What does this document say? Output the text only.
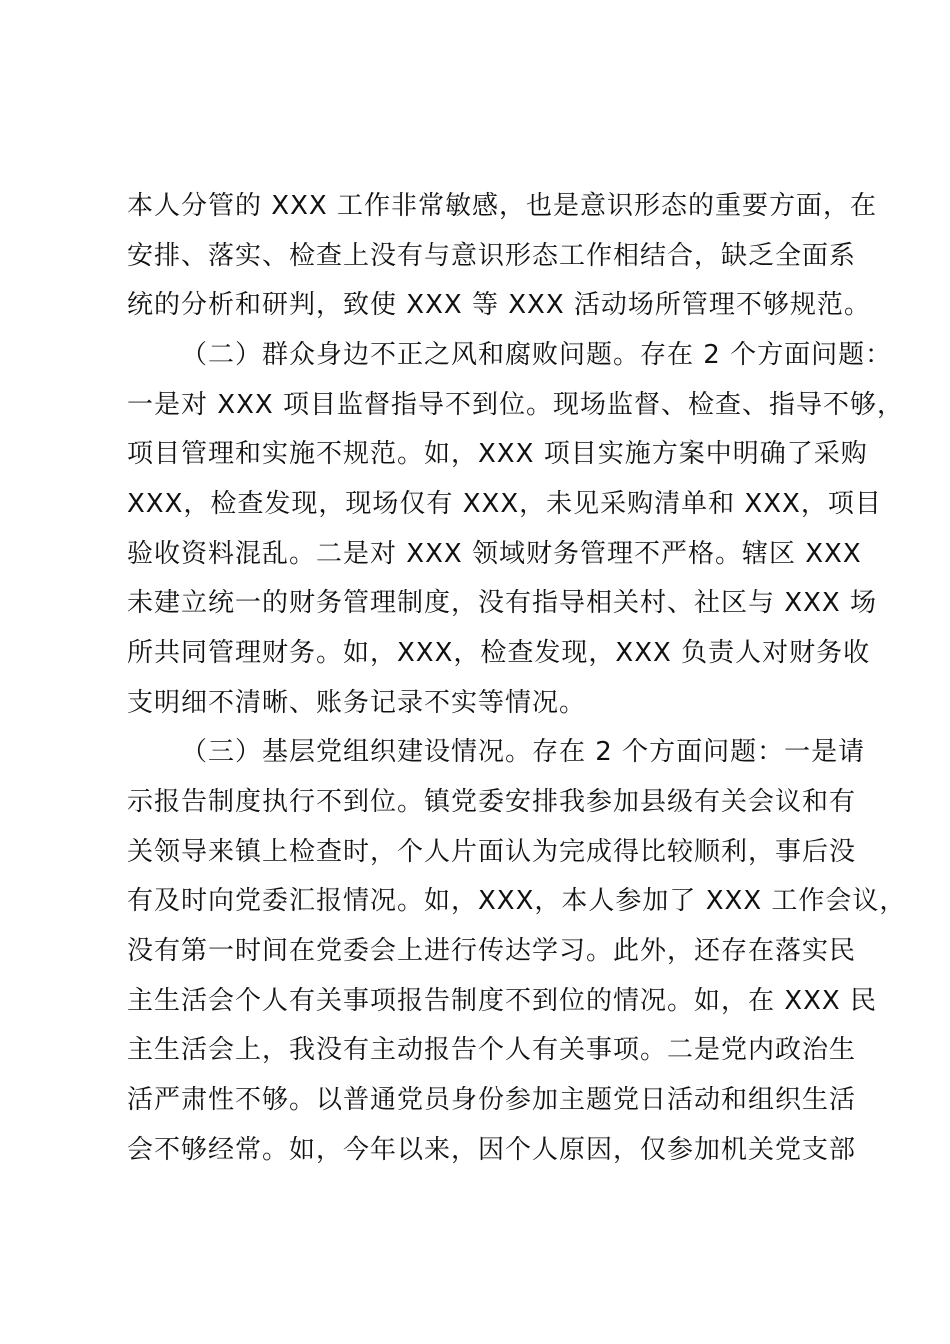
本人分管的 XXX 工作非常敏感，也是意识形态的重要方面，在
安排、落实、检查上没有与意识形态工作相结合，缺乏全面系
统的分析和研判，致使 XXX 等 XXX 活动场所管理不够规范。
（二）群众身边不正之风和腐败问题。存在 2 个方面问题：
一是对 XXX 项目监督指导不到位。现场监督、检查、指导不够，
项目管理和实施不规范。如，XXX 项目实施方案中明确了采购
XXX，检查发现，现场仅有 XXX，未见采购清单和 XXX，项目
验收资料混乱。二是对 XXX 领域财务管理不严格。辖区 XXX
未建立统一的财务管理制度，没有指导相关村、社区与 XXX 场
所共同管理财务。如，XXX，检查发现，XXX 负责人对财务收
支明细不清晰、账务记录不实等情况。
（三）基层党组织建设情况。存在 2 个方面问题：一是请
示报告制度执行不到位。镇党委安排我参加县级有关会议和有
关领导来镇上检查时，个人片面认为完成得比较顺利，事后没
有及时向党委汇报情况。如，XXX，本人参加了 XXX 工作会议，
没有第一时间在党委会上进行传达学习。此外，还存在落实民
主生活会个人有关事项报告制度不到位的情况。如，在 XXX 民
主生活会上，我没有主动报告个人有关事项。二是党内政治生
活严肃性不够。以普通党员身份参加主题党日活动和组织生活
会不够经常。如，今年以来，因个人原因，仅参加机关党支部
